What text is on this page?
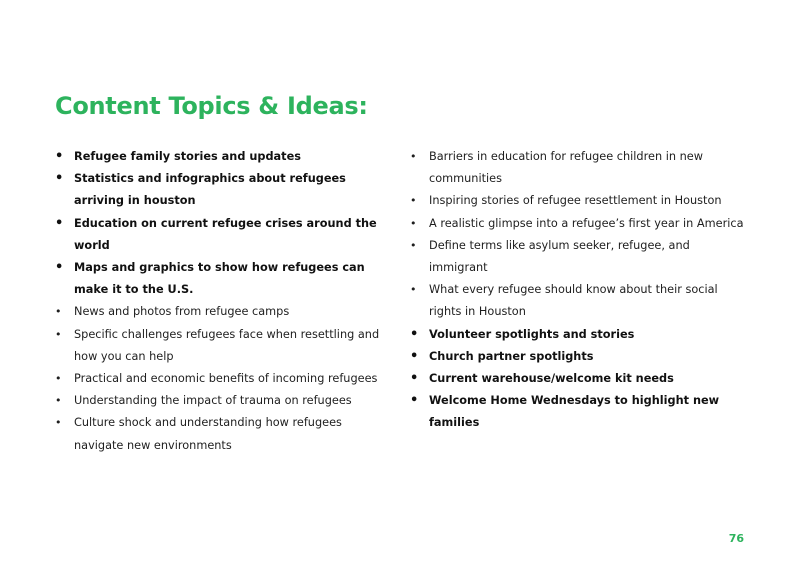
Content Topics & Ideas:
• Refugee family stories and updates
• Statistics and infographics about refugees arriving in houston
• Education on current refugee crises around the world
• Maps and graphics to show how refugees can make it to the U.S.
• News and photos from refugee camps
• Specific challenges refugees face when resettling and how you can help
• Practical and economic benefits of incoming refugees
• Understanding the impact of trauma on refugees
• Culture shock and understanding how refugees navigate new environments
• Barriers in education for refugee children in new communities
• Inspiring stories of refugee resettlement in Houston
• A realistic glimpse into a refugee’s first year in America
• Define terms like asylum seeker, refugee, and immigrant
• What every refugee should know about their social rights in Houston
• Volunteer spotlights and stories
• Church partner spotlights
• Current warehouse/welcome kit needs
• Welcome Home Wednesdays to highlight new families
76
